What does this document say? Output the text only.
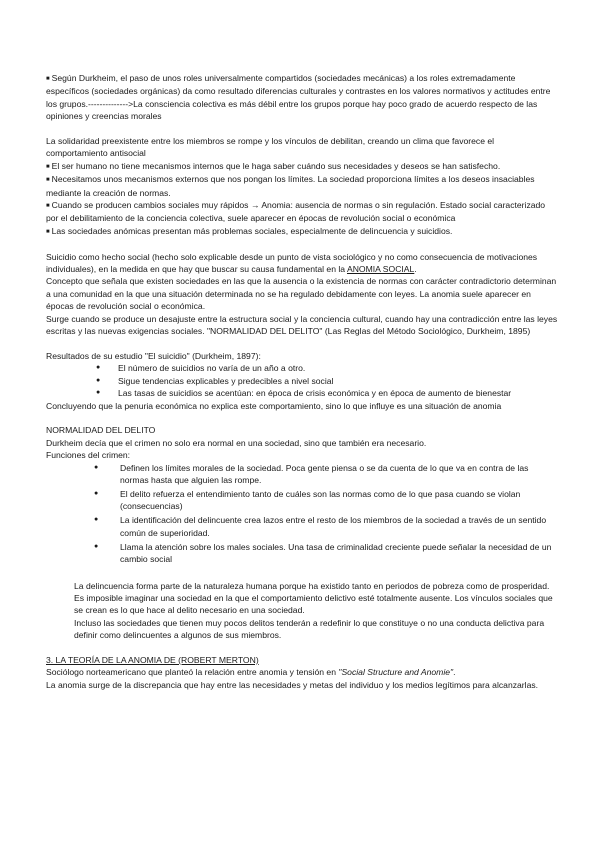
■ Según Durkheim, el paso de unos roles universalmente compartidos (sociedades mecánicas) a los roles extremadamente específicos (sociedades orgánicas) da como resultado diferencias culturales y contrastes en los valores normativos y actitudes entre los grupos.-------------->La consciencia colectiva es más débil entre los grupos porque hay poco grado de acuerdo respecto de las opiniones y creencias morales

La solidaridad preexistente entre los miembros se rompe y los vínculos de debilitan, creando un clima que favorece el comportamiento antisocial

■ El ser humano no tiene mecanismos internos que le haga saber cuándo sus necesidades y deseos se han satisfecho.

■ Necesitamos unos mecanismos externos que nos pongan los límites. La sociedad proporciona límites a los deseos insaciables mediante la creación de normas.

■ Cuando se producen cambios sociales muy rápidos → Anomia: ausencia de normas o sin regulación. Estado social caracterizado por el debilitamiento de la conciencia colectiva, suele aparecer en épocas de revolución social o económica

■ Las sociedades anómicas presentan más problemas sociales, especialmente de delincuencia y suicidios.

Suicidio como hecho social (hecho solo explicable desde un punto de vista sociológico y no como consecuencia de motivaciones individuales), en la medida en que hay que buscar su causa fundamental en la ANOMIA SOCIAL.

Concepto que señala que existen sociedades en las que la ausencia o la existencia de normas con carácter contradictorio determinan a una comunidad en la que una situación determinada no se ha regulado debidamente con leyes. La anomia suele aparecer en épocas de revolución social o económica.

Surge cuando se produce un desajuste entre la estructura social y la conciencia cultural, cuando hay una contradicción entre las leyes escritas y las nuevas exigencias sociales. "NORMALIDAD DEL DELITO" (Las Reglas del Método Sociológico, Durkheim, 1895)

Resultados de su estudio "El suicidio" (Durkheim, 1897):

● El número de suicidios no varía de un año a otro.
● Sigue tendencias explicables y predecibles a nivel social
● Las tasas de suicidios se acentúan: en época de crisis económica y en época de aumento de bienestar

Concluyendo que la penuria económica no explica este comportamiento, sino lo que influye es una situación de anomia

NORMALIDAD DEL DELITO

Durkheim decía que el crimen no solo era normal en una sociedad, sino que también era necesario.

Funciones del crimen:

● Definen los límites morales de la sociedad. Poca gente piensa o se da cuenta de lo que va en contra de las normas hasta que alguien las rompe.
● El delito refuerza el entendimiento tanto de cuáles son las normas como de lo que pasa cuando se violan (consecuencias)
● La identificación del delincuente crea lazos entre el resto de los miembros de la sociedad a través de un sentido común de superioridad.
● Llama la atención sobre los males sociales. Una tasa de criminalidad creciente puede señalar la necesidad de un cambio social

La delincuencia forma parte de la naturaleza humana porque ha existido tanto en periodos de pobreza como de prosperidad. Es imposible imaginar una sociedad en la que el comportamiento delictivo esté totalmente ausente. Los vínculos sociales que se crean es lo que hace al delito necesario en una sociedad.

Incluso las sociedades que tienen muy pocos delitos tenderán a redefinir lo que constituye o no una conducta delictiva para definir como delincuentes a algunos de sus miembros.

3. LA TEORÍA DE LA ANOMIA DE (ROBERT MERTON)

Sociólogo norteamericano que planteó la relación entre anomia y tensión en "Social Structure and Anomie".

La anomia surge de la discrepancia que hay entre las necesidades y metas del individuo y los medios legítimos para alcanzarlas.
